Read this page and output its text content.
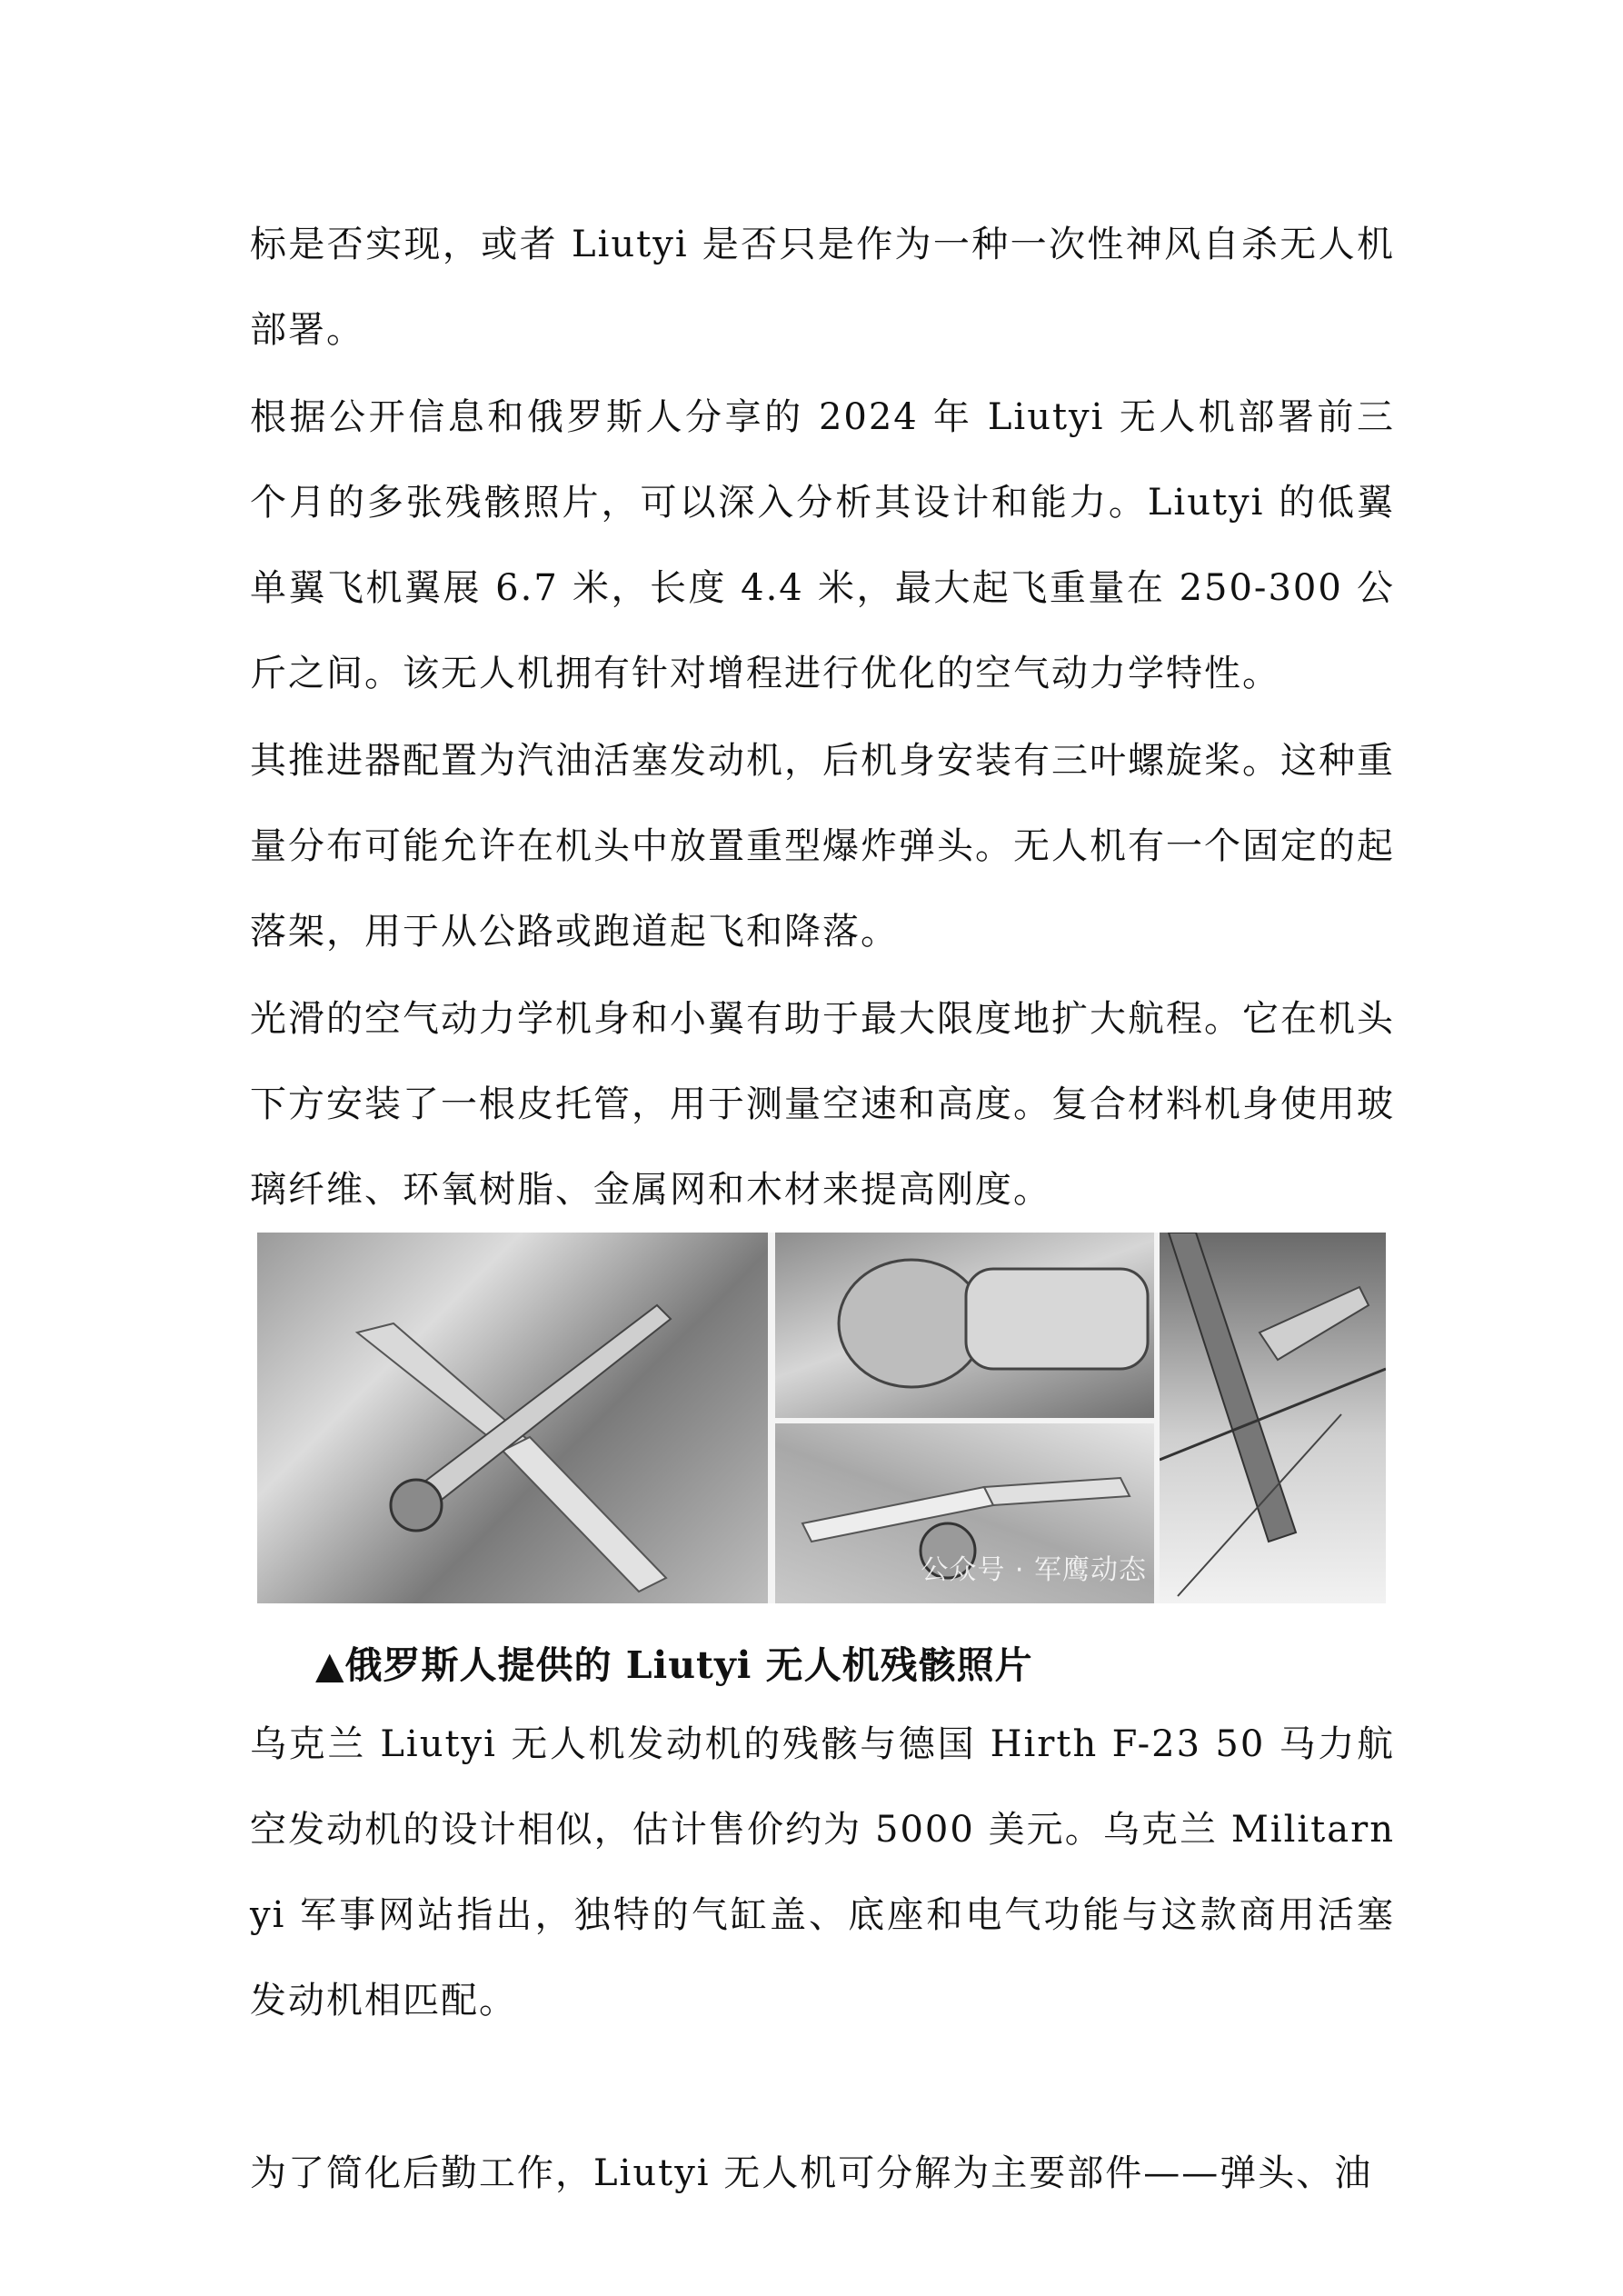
标是否实现，或者 Liutyi 是否只是作为一种一次性神风自杀无人机部署。

根据公开信息和俄罗斯人分享的 2024 年 Liutyi 无人机部署前三个月的多张残骸照片，可以深入分析其设计和能力。Liutyi 的低翼单翼飞机翼展 6.7 米，长度 4.4 米，最大起飞重量在 250-300 公斤之间。该无人机拥有针对增程进行优化的空气动力学特性。

其推进器配置为汽油活塞发动机，后机身安装有三叶螺旋桨。这种重量分布可能允许在机头中放置重型爆炸弹头。无人机有一个固定的起落架，用于从公路或跑道起飞和降落。

光滑的空气动力学机身和小翼有助于最大限度地扩大航程。它在机头下方安装了一根皮托管，用于测量空速和高度。复合材料机身使用玻璃纤维、环氧树脂、金属网和木材来提高刚度。

公众号 · 军鹰动态

▲俄罗斯人提供的 Liutyi 无人机残骸照片

乌克兰 Liutyi 无人机发动机的残骸与德国 Hirth F-23 50 马力航空发动机的设计相似，估计售价约为 5000 美元。乌克兰 Militarnyi 军事网站指出，独特的气缸盖、底座和电气功能与这款商用活塞发动机相匹配。

为了简化后勤工作，Liutyi 无人机可分解为主要部件——弹头、油
